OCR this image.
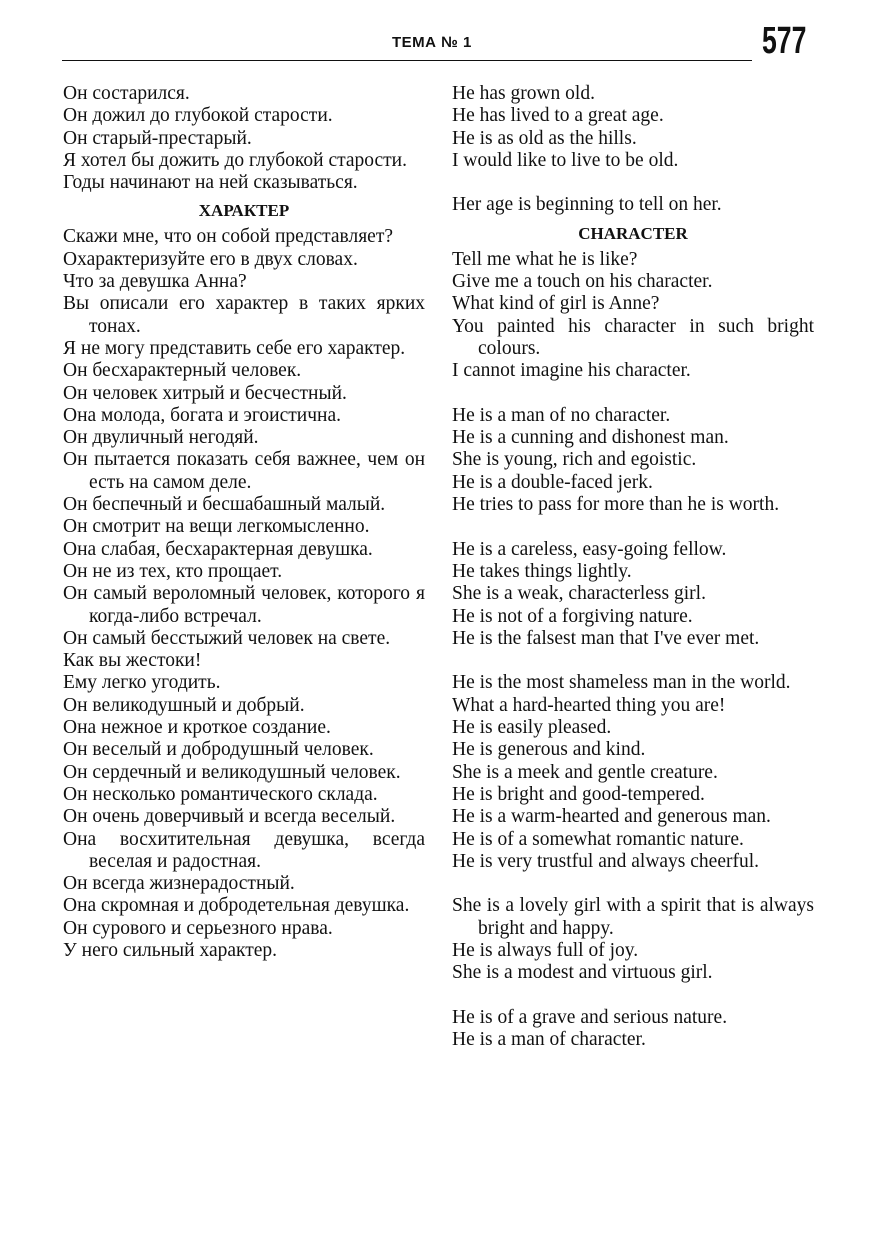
ТЕМА № 1	577
Он состарился.
Он дожил до глубокой старости.
Он старый-престарый.
Я хотел бы дожить до глубокой старости.
Годы начинают на ней сказываться.
ХАРАКТЕР
Скажи мне, что он собой представляет?
Охарактеризуйте его в двух словах.
Что за девушка Анна?
Вы описали его характер в таких ярких тонах.
Я не могу представить себе его характер.
Он бесхарактерный человек.
Он человек хитрый и бесчестный.
Она молода, богата и эгоистична.
Он двуличный негодяй.
Он пытается показать себя важнее, чем он есть на самом деле.
Он беспечный и бесшабашный малый.
Он смотрит на вещи легкомысленно.
Она слабая, бесхарактерная девушка.
Он не из тех, кто прощает.
Он самый вероломный человек, которого я когда-либо встречал.
Он самый бесстыжий человек на свете.
Как вы жестоки!
Ему легко угодить.
Он великодушный и добрый.
Она нежное и кроткое создание.
Он веселый и добродушный человек.
Он сердечный и великодушный человек.
Он несколько романтического склада.
Он очень доверчивый и всегда веселый.
Она восхитительная девушка, всегда веселая и радостная.
Он всегда жизнерадостный.
Она скромная и добродетельная девушка.
Он сурового и серьезного нрава.
У него сильный характер.
He has grown old.
He has lived to a great age.
He is as old as the hills.
I would like to live to be old.
Her age is beginning to tell on her.
CHARACTER
Tell me what he is like?
Give me a touch on his character.
What kind of girl is Anne?
You painted his character in such bright colours.
I cannot imagine his character.
He is a man of no character.
He is a cunning and dishonest man.
She is young, rich and egoistic.
He is a double-faced jerk.
He tries to pass for more than he is worth.
He is a careless, easy-going fellow.
He takes things lightly.
She is a weak, characterless girl.
He is not of a forgiving nature.
He is the falsest man that I've ever met.
He is the most shameless man in the world.
What a hard-hearted thing you are!
He is easily pleased.
He is generous and kind.
She is a meek and gentle creature.
He is bright and good-tempered.
He is a warm-hearted and generous man.
He is of a somewhat romantic nature.
He is very trustful and always cheerful.
She is a lovely girl with a spirit that is always bright and happy.
He is always full of joy.
She is a modest and virtuous girl.
He is of a grave and serious nature.
He is a man of character.
